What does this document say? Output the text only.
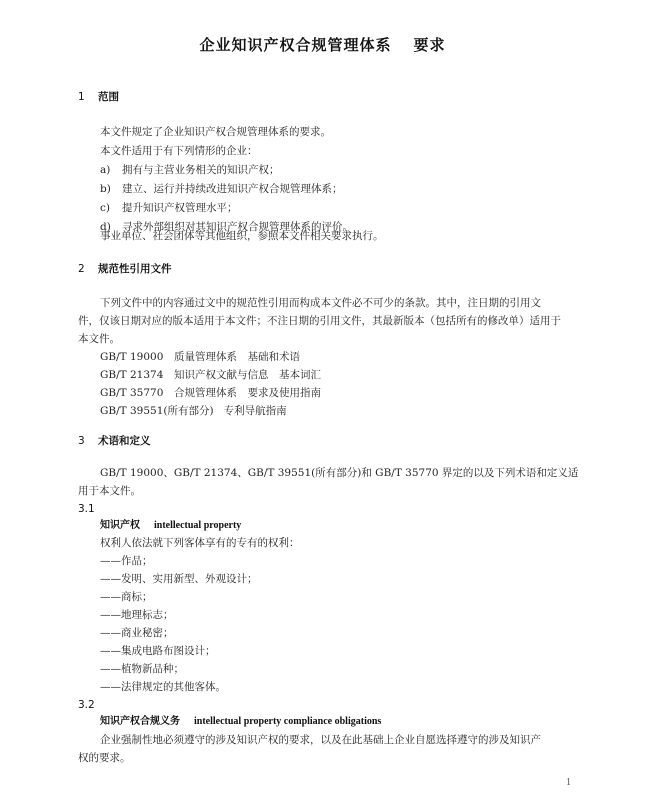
企业知识产权合规管理体系 要求
1 范围
本文件规定了企业知识产权合规管理体系的要求。
本文件适用于有下列情形的企业：
a) 拥有与主营业务相关的知识产权；
b) 建立、运行并持续改进知识产权合规管理体系；
c) 提升知识产权管理水平；
d) 寻求外部组织对其知识产权合规管理体系的评价。
事业单位、社会团体等其他组织，参照本文件相关要求执行。
2 规范性引用文件
下列文件中的内容通过文中的规范性引用而构成本文件必不可少的条款。其中，注日期的引用文
件，仅该日期对应的版本适用于本文件；不注日期的引用文件，其最新版本（包括所有的修改单）适用于
本文件。
GB/T 19000 质量管理体系　基础和术语
GB/T 21374 知识产权文献与信息　基本词汇
GB/T 35770 合规管理体系　要求及使用指南
GB/T 39551(所有部分) 专利导航指南
3 术语和定义
GB/T 19000、GB/T 21374、GB/T 39551(所有部分)和 GB/T 35770 界定的以及下列术语和定义适
用于本文件。
3.1
知识产权 intellectual property
权利人依法就下列客体享有的专有的权利：
——作品；
——发明、实用新型、外观设计；
——商标；
——地理标志；
——商业秘密；
——集成电路布图设计；
——植物新品种；
——法律规定的其他客体。
3.2
知识产权合规义务 intellectual property compliance obligations
企业强制性地必须遵守的涉及知识产权的要求，以及在此基础上企业自愿选择遵守的涉及知识产
权的要求。
1
